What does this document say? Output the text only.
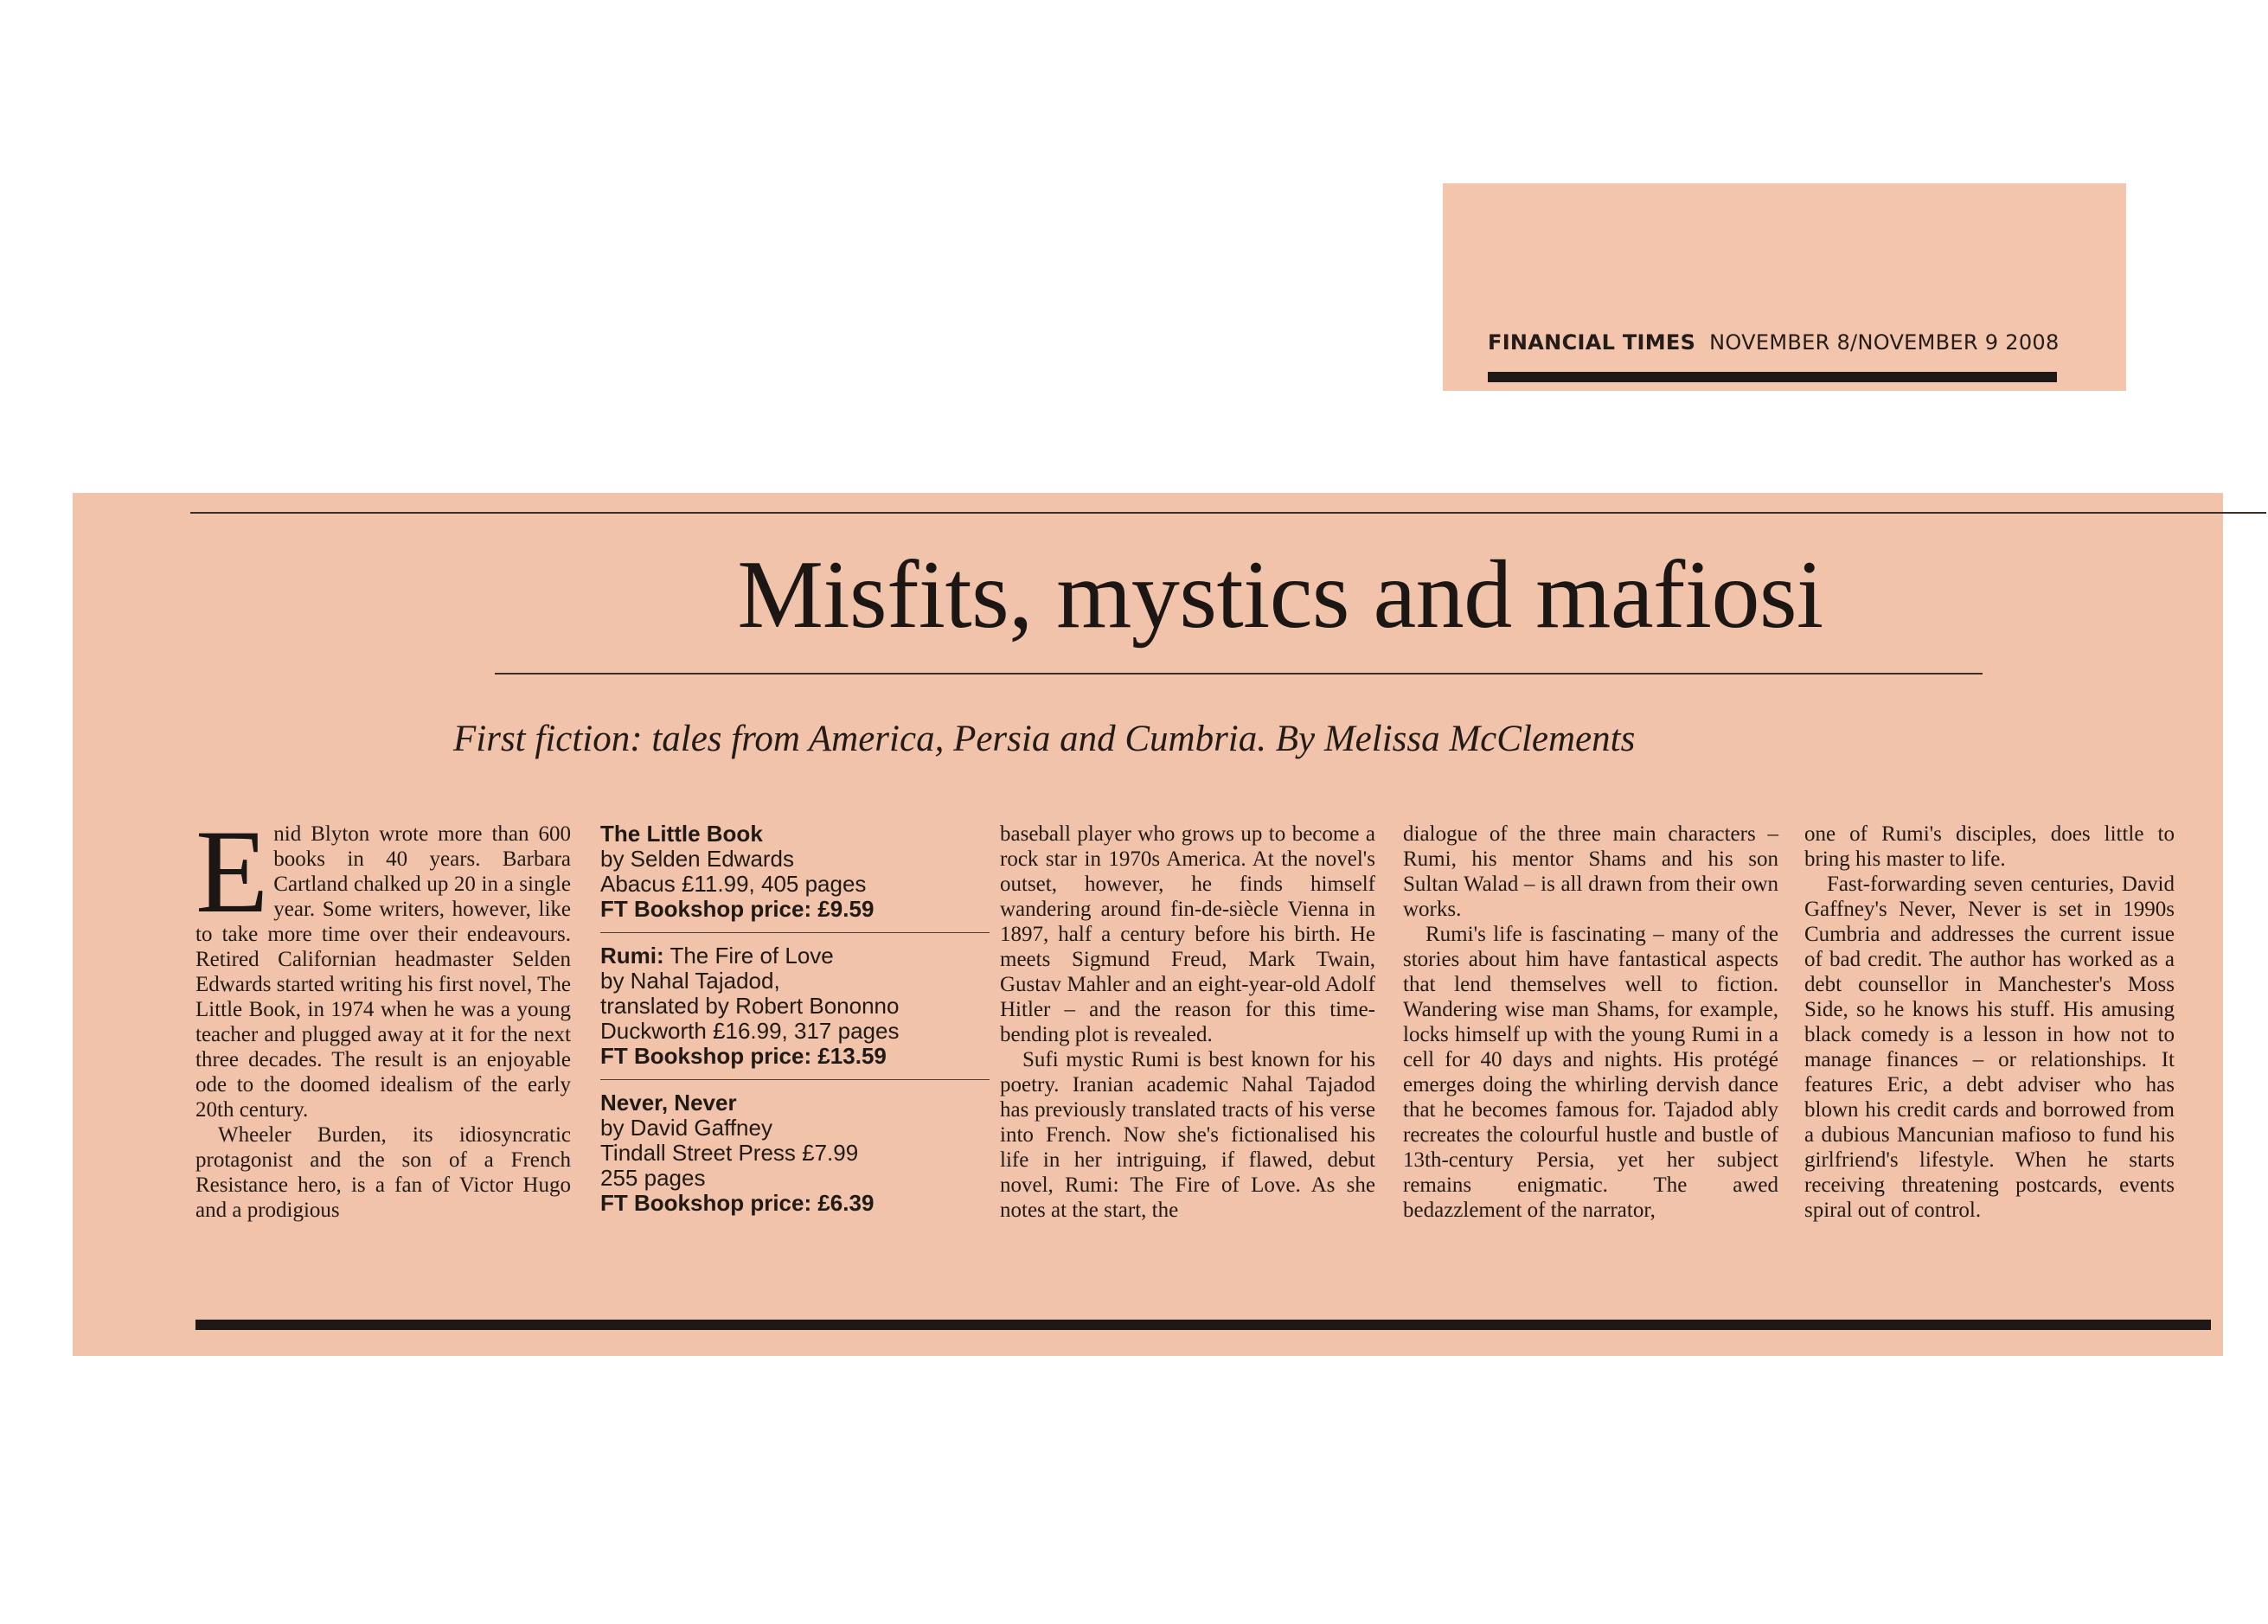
FINANCIAL TIMES NOVEMBER 8/NOVEMBER 9 2008
Misfits, mystics and mafiosi
First fiction: tales from America, Persia and Cumbria. By Melissa McClements

Enid Blyton wrote more than 600 books in 40 years. Barbara Cartland chalked up 20 in a single year. Some writers, however, like to take more time over their endeavours. Retired Californian headmaster Selden Edwards started writing his first novel, The Little Book, in 1974 when he was a young teacher and plugged away at it for the next three decades. The result is an enjoyable ode to the doomed idealism of the early 20th century.

Wheeler Burden, its idiosyncratic protagonist and the son of a French Resistance hero, is a fan of Victor Hugo and a prodigious

The Little Book
by Selden Edwards
Abacus £11.99, 405 pages
FT Bookshop price: £9.59
Rumi: The Fire of Love
by Nahal Tajadod,
translated by Robert Bononno
Duckworth £16.99, 317 pages
FT Bookshop price: £13.59
Never, Never
by David Gaffney
Tindall Street Press £7.99
255 pages
FT Bookshop price: £6.39

baseball player who grows up to become a rock star in 1970s America. At the novel's outset, however, he finds himself wandering around fin-de-siècle Vienna in 1897, half a century before his birth. He meets Sigmund Freud, Mark Twain, Gustav Mahler and an eight-year-old Adolf Hitler – and the reason for this time-bending plot is revealed.

Sufi mystic Rumi is best known for his poetry. Iranian academic Nahal Tajadod has previously translated tracts of his verse into French. Now she's fictionalised his life in her intriguing, if flawed, debut novel, Rumi: The Fire of Love. As she notes at the start, the

dialogue of the three main characters – Rumi, his mentor Shams and his son Sultan Walad – is all drawn from their own works.

Rumi's life is fascinating – many of the stories about him have fantastical aspects that lend themselves well to fiction. Wandering wise man Shams, for example, locks himself up with the young Rumi in a cell for 40 days and nights. His protégé emerges doing the whirling dervish dance that he becomes famous for. Tajadod ably recreates the colourful hustle and bustle of 13th-century Persia, yet her subject remains enigmatic. The awed bedazzlement of the narrator,

one of Rumi's disciples, does little to bring his master to life.

Fast-forwarding seven centuries, David Gaffney's Never, Never is set in 1990s Cumbria and addresses the current issue of bad credit. The author has worked as a debt counsellor in Manchester's Moss Side, so he knows his stuff. His amusing black comedy is a lesson in how not to manage finances – or relationships. It features Eric, a debt adviser who has blown his credit cards and borrowed from a dubious Mancunian mafioso to fund his girlfriend's lifestyle. When he starts receiving threatening postcards, events spiral out of control.
